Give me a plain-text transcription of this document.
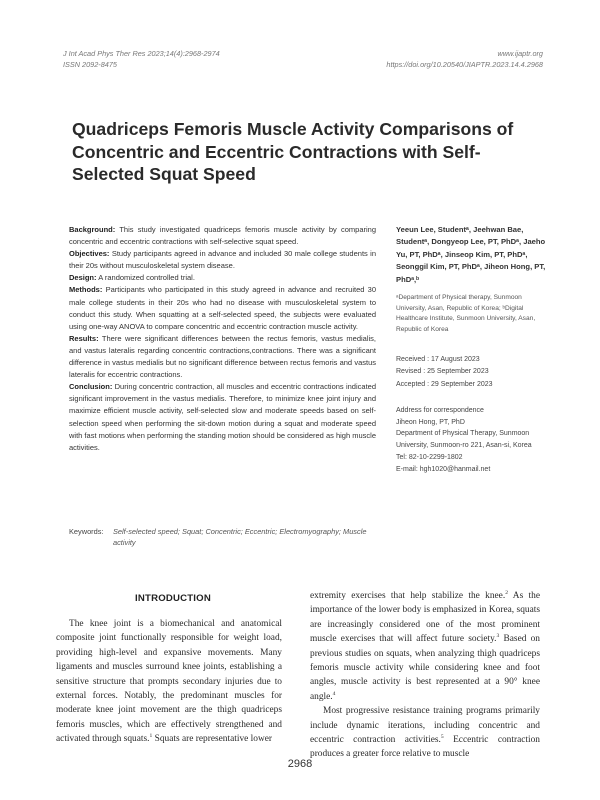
J Int Acad Phys Ther Res 2023;14(4):2968-2974
ISSN 2092-8475
www.ijaptr.org
https://doi.org/10.20540/JIAPTR.2023.14.4.2968
Quadriceps Femoris Muscle Activity Comparisons of Concentric and Eccentric Contractions with Self-Selected Squat Speed

Background: This study investigated quadriceps femoris muscle activity by comparing concentric and eccentric contractions with self-selective squat speed.

Objectives: Study participants agreed in advance and included 30 male college students in their 20s without musculoskeletal system disease.

Design: A randomized controlled trial.

Methods: Participants who participated in this study agreed in advance and recruited 30 male college students in their 20s who had no disease with musculoskeletal system to conduct this study. When squatting at a self-selected speed, the subjects were evaluated using one-way ANOVA to compare concentric and eccentric contraction muscle activity.

Results: There were significant differences between the rectus femoris, vastus medialis, and vastus lateralis regarding concentric contractions,contractions. There was a significant difference in vastus medialis but no significant difference between rectus femoris and vastus lateralis for eccentric contractions.

Conclusion: During concentric contraction, all muscles and eccentric contractions indicated significant improvement in the vastus medialis. Therefore, to minimize knee joint injury and maximize efficient muscle activity, self-selected slow and moderate speeds based on self-selection speed when performing the sit-down motion during a squat and moderate speed with fast motions when performing the standing motion should be considered as high muscle activities.

Yeeun Lee, Studentᵃ, Jeehwan Bae, Studentᵃ, Dongyeop Lee, PT, PhDᵃ, Jaeho Yu, PT, PhDᵃ, Jinseop Kim, PT, PhDᵃ, Seonggil Kim, PT, PhDᵃ, Jiheon Hong, PT, PhDᵃ,ᵇ
ᵃDepartment of Physical therapy, Sunmoon University, Asan, Republic of Korea; ᵇDigital Healthcare Institute, Sunmoon University, Asan, Republic of Korea
Received : 17 August 2023
Revised : 25 September 2023
Accepted : 29 September 2023
Address for correspondence
Jiheon Hong, PT, PhD
Department of Physical Therapy, Sunmoon University, Sunmoon-ro 221, Asan-si, Korea
Tel: 82-10-2299-1802
E-mail: hgh1020@hanmail.net
Keywords: Self-selected speed; Squat; Concentric; Eccentric; Electromyography; Muscle activity
INTRODUCTION

The knee joint is a biomechanical and anatomical composite joint functionally responsible for weight load, providing high-level and expansive movements. Many ligaments and muscles surround knee joints, establishing a sensitive structure that prompts secondary injuries due to external forces. Notably, the predominant muscles for moderate knee joint movement are the thigh quadriceps femoris muscles, which are effectively strengthened and activated through squats.$^1$ Squats are representative lower

extremity exercises that help stabilize the knee.$^2$ As the importance of the lower body is emphasized in Korea, squats are increasingly considered one of the most prominent muscle exercises that will affect future society.$^3$ Based on previous studies on squats, when analyzing thigh quadriceps femoris muscle activity while considering knee and foot angles, muscle activity is best represented at a 90° knee angle.$^4$

Most progressive resistance training programs primarily include dynamic iterations, including concentric and eccentric contraction activities.$^5$ Eccentric contraction produces a greater force relative to muscle

2968
